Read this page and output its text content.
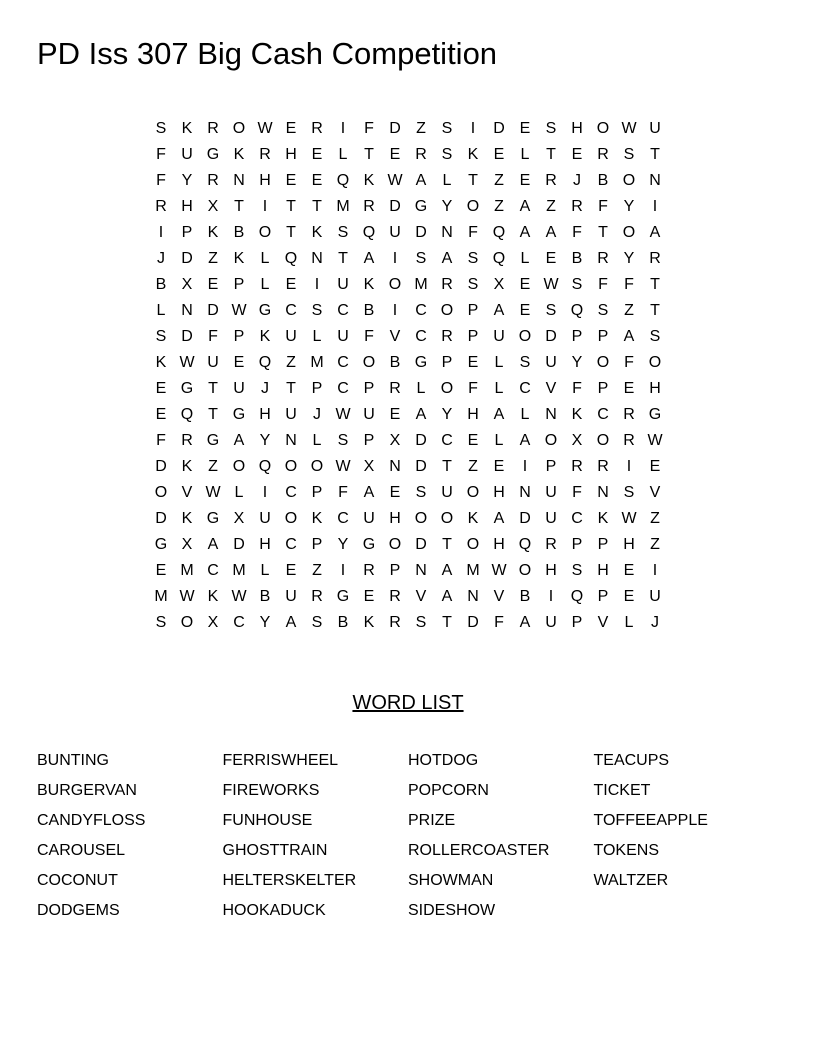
PD Iss 307 Big Cash Competition
S K R O W E R	I	F D Z S	I	D E S H O W U
F U G K R H E	L	T E R S K E	L	T E R S T
F Y R N H E E Q K W A	L	T	Z E R	J	B O N
R H X T	I	T	T M R D G Y O Z A Z R F Y	I
I	P K B O T K S Q U D N F Q A A F	T O A
J	D Z K	L Q N T A	I	S A S Q L	E B R Y R
B X E P	L	E	I	U K O M R S X E W S F	F	T
L N D W G C S C B	I	C O P A E S Q S Z	T
S D F P K U L U F V C R P U O D P P A S
K W U E Q Z M C O B G P E	L	S U Y O F O
E G T U	J	T P C P R L O F	L C V F P E H
E Q T G H U	J W U E A Y H A	L N K C R G
F R G A Y N L	S P X D C E	L	A O X O R W
D K Z O Q O O W X N D T	Z E	I	P R R	I	E
O V W L	I	C P F A E S U O H N U F N S V
D K G X U O K C U H O O K A D U C K W Z
G X A D H C P Y G O D T O H Q R P P H Z
E M C M L	E Z	I	R P N A M W O H S H E	I
M W K W B U R G E R V A N V B	I	Q P E U
S O X C Y A S B K R S T D F A U P V	L	J
WORD LIST
BUNTING
BURGERVAN
CANDYFLOSS
CAROUSEL
COCONUT
DODGEMS
FERRISWHEEL
FIREWORKS
FUNHOUSE
GHOSTTRAIN
HELTERSKELTER
HOOKADUCK
HOTDOG
POPCORN
PRIZE
ROLLERCOASTER
SHOWMAN
SIDESHOW
TEACUPS
TICKET
TOFFEEAPPLE
TOKENS
WALTZER
